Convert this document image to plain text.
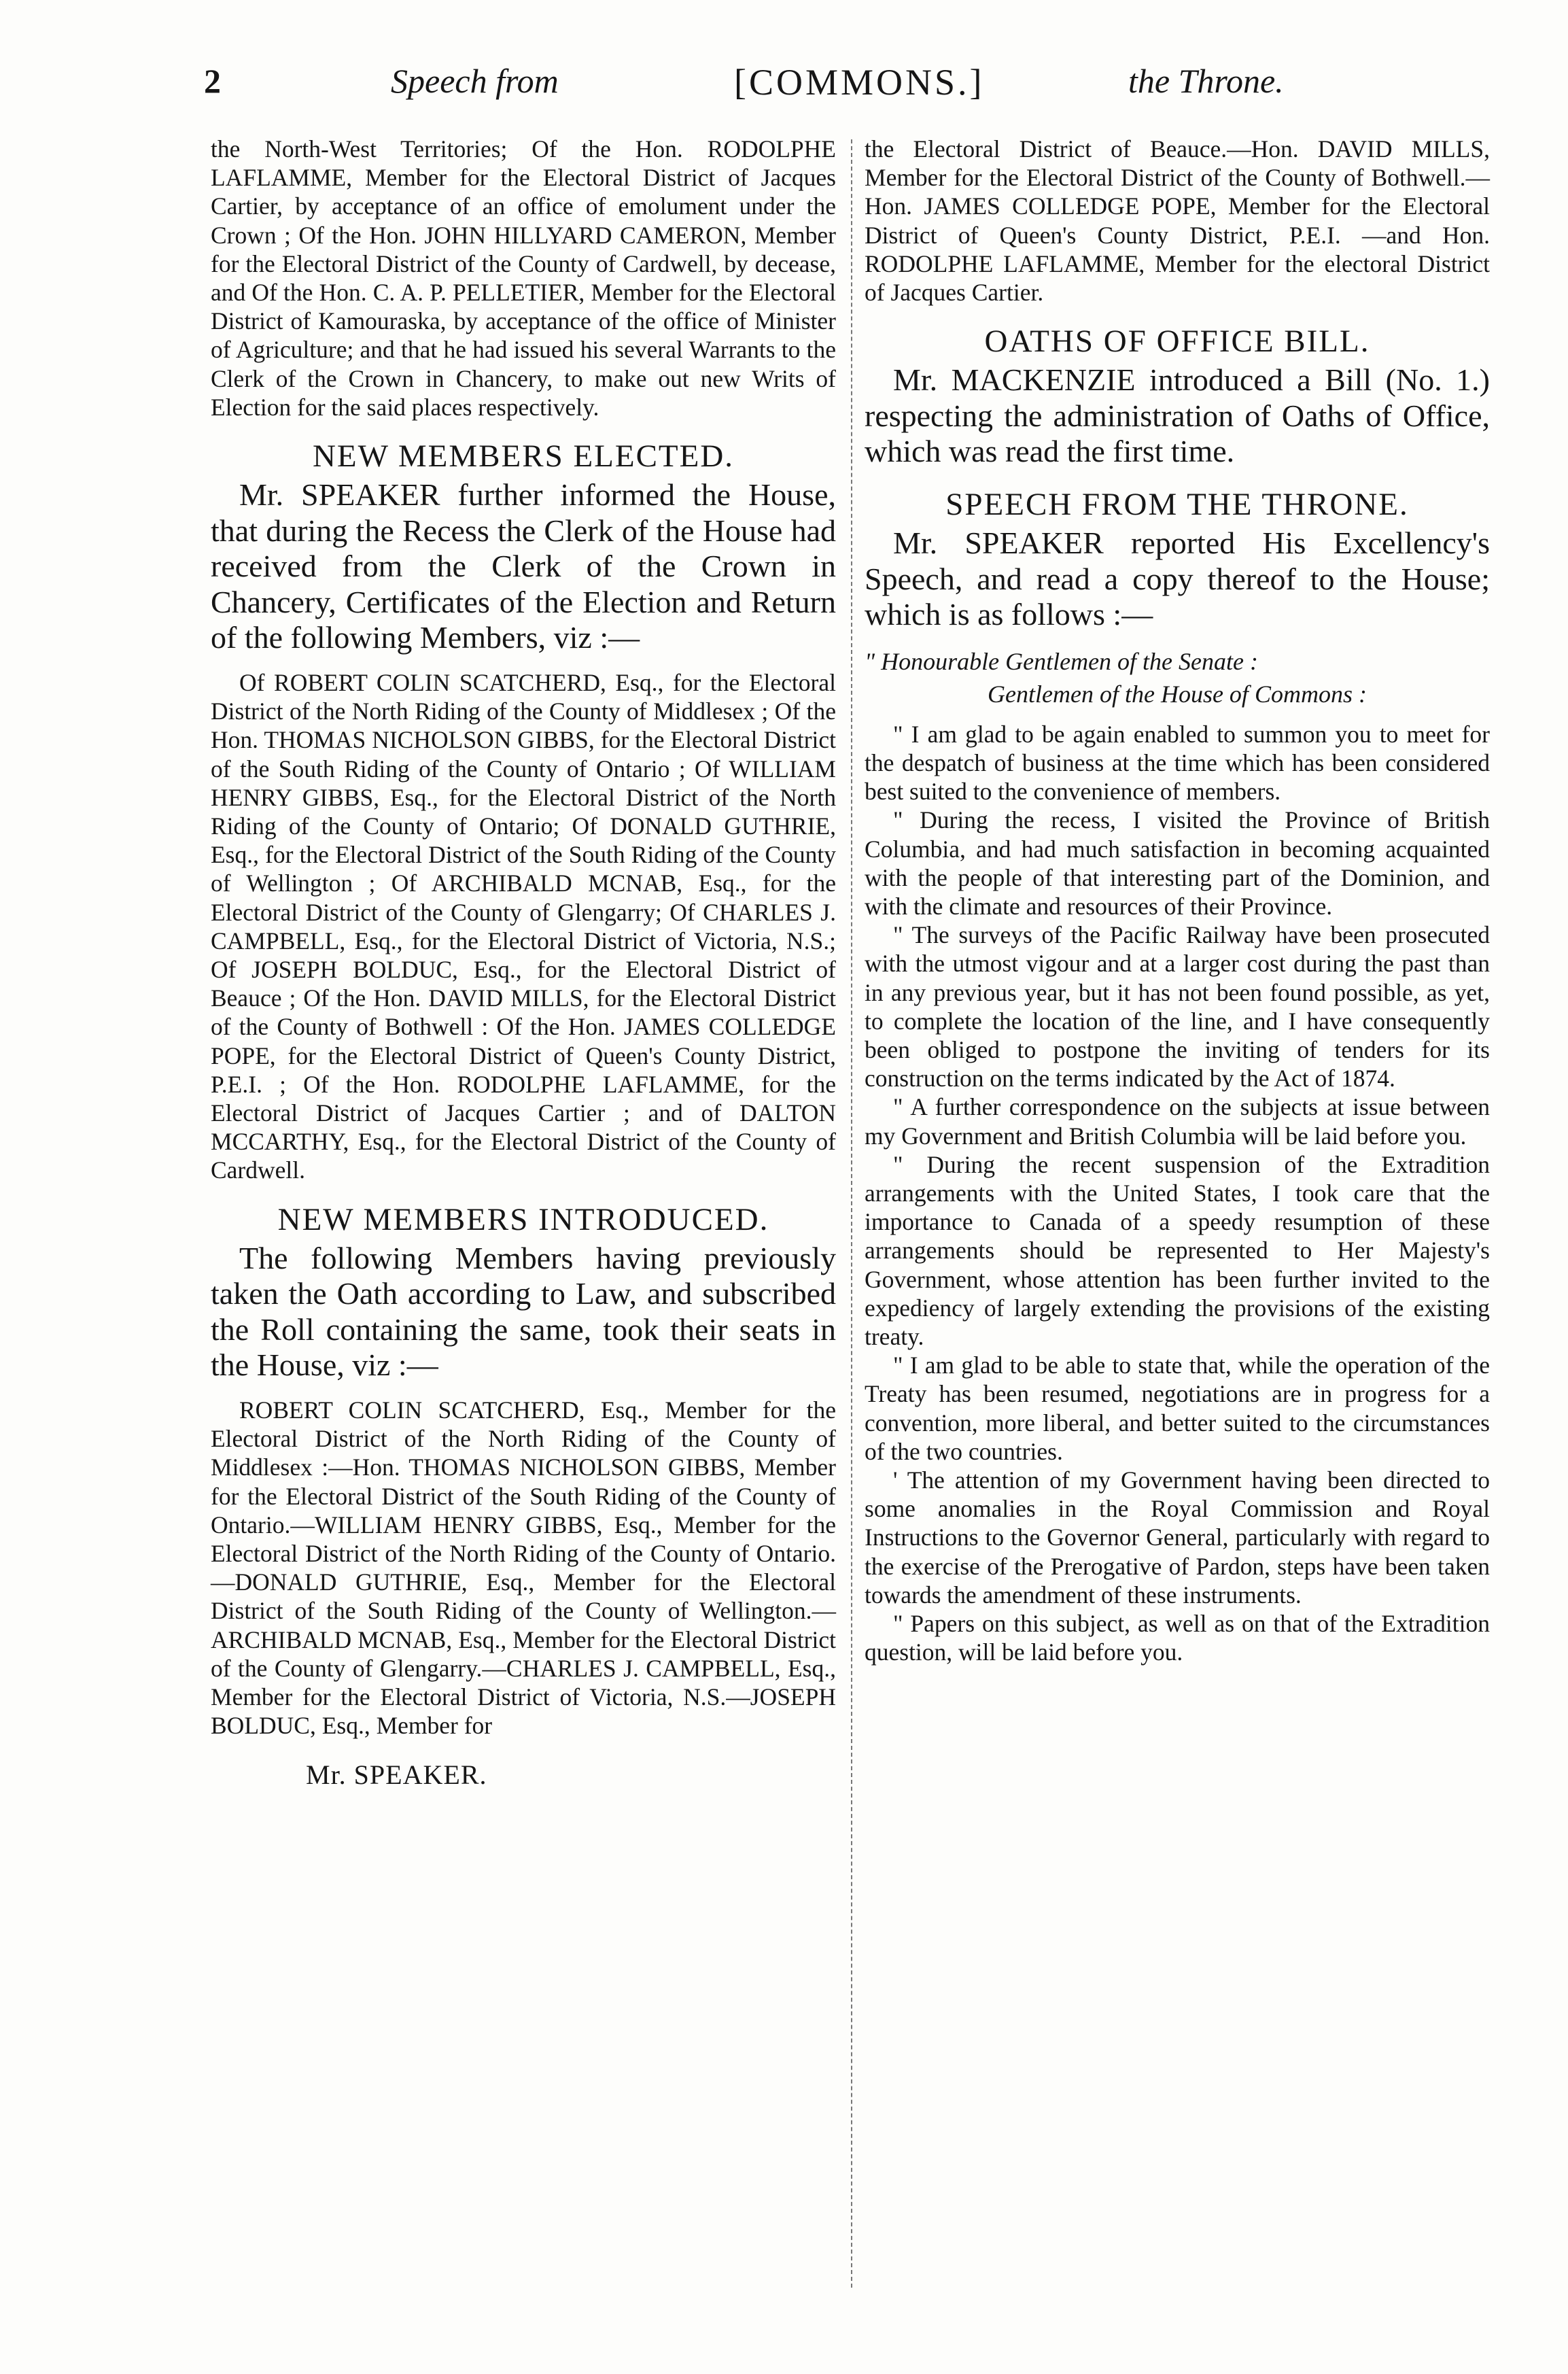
2	Speech from	[COMMONS.]	the Throne.

the North-West Territories; Of the Hon. RODOLPHE LAFLAMME, Member for the Electoral District of Jacques Cartier, by acceptance of an office of emolument under the Crown ; Of the Hon. JOHN HILLYARD CAMERON, Member for the Electoral District of the County of Cardwell, by decease, and Of the Hon. C. A. P. PELLETIER, Member for the Electoral District of Kamouraska, by acceptance of the office of Minister of Agriculture; and that he had issued his several Warrants to the Clerk of the Crown in Chancery, to make out new Writs of Election for the said places respectively.

NEW MEMBERS ELECTED.

Mr. SPEAKER further informed the House, that during the Recess the Clerk of the House had received from the Clerk of the Crown in Chancery, Certificates of the Election and Return of the following Members, viz :—

Of ROBERT COLIN SCATCHERD, Esq., for the Electoral District of the North Riding of the County of Middlesex ; Of the Hon. THOMAS NICHOLSON GIBBS, for the Electoral District of the South Riding of the County of Ontario ; Of WILLIAM HENRY GIBBS, Esq., for the Electoral District of the North Riding of the County of Ontario; Of DONALD GUTHRIE, Esq., for the Electoral District of the South Riding of the County of Wellington ; Of ARCHIBALD MCNAB, Esq., for the Electoral District of the County of Glengarry; Of CHARLES J. CAMPBELL, Esq., for the Electoral District of Victoria, N.S.; Of JOSEPH BOLDUC, Esq., for the Electoral District of Beauce ; Of the Hon. DAVID MILLS, for the Electoral District of the County of Bothwell : Of the Hon. JAMES COLLEDGE POPE, for the Electoral District of Queen's County District, P.E.I. ; Of the Hon. RODOLPHE LAFLAMME, for the Electoral District of Jacques Cartier ; and of DALTON MCCARTHY, Esq., for the Electoral District of the County of Cardwell.

NEW MEMBERS INTRODUCED.

The following Members having previously taken the Oath according to Law, and subscribed the Roll containing the same, took their seats in the House, viz :—

ROBERT COLIN SCATCHERD, Esq., Member for the Electoral District of the North Riding of the County of Middlesex :—Hon. THOMAS NICHOLSON GIBBS, Member for the Electoral District of the South Riding of the County of Ontario.—WILLIAM HENRY GIBBS, Esq., Member for the Electoral District of the North Riding of the County of Ontario.—DONALD GUTHRIE, Esq., Member for the Electoral District of the South Riding of the County of Wellington.—ARCHIBALD MCNAB, Esq., Member for the Electoral District of the County of Glengarry.—CHARLES J. CAMPBELL, Esq., Member for the Electoral District of Victoria, N.S.—JOSEPH BOLDUC, Esq., Member for

Mr. SPEAKER.

the Electoral District of Beauce.—Hon. DAVID MILLS, Member for the Electoral District of the County of Bothwell.—Hon. JAMES COLLEDGE POPE, Member for the Electoral District of Queen's County District, P.E.I. —and Hon. RODOLPHE LAFLAMME, Member for the electoral District of Jacques Cartier.

OATHS OF OFFICE BILL.

Mr. MACKENZIE introduced a Bill (No. 1.) respecting the administration of Oaths of Office, which was read the first time.

SPEECH FROM THE THRONE.

Mr. SPEAKER reported His Excellency's Speech, and read a copy thereof to the House; which is as follows :—

" Honourable Gentlemen of the Senate :

Gentlemen of the House of Commons :

" I am glad to be again enabled to summon you to meet for the despatch of business at the time which has been considered best suited to the convenience of members.

" During the recess, I visited the Province of British Columbia, and had much satisfaction in becoming acquainted with the people of that interesting part of the Dominion, and with the climate and resources of their Province.

" The surveys of the Pacific Railway have been prosecuted with the utmost vigour and at a larger cost during the past than in any previous year, but it has not been found possible, as yet, to complete the location of the line, and I have consequently been obliged to postpone the inviting of tenders for its construction on the terms indicated by the Act of 1874.

" A further correspondence on the subjects at issue between my Government and British Columbia will be laid before you.

" During the recent suspension of the Extradition arrangements with the United States, I took care that the importance to Canada of a speedy resumption of these arrangements should be represented to Her Majesty's Government, whose attention has been further invited to the expediency of largely extending the provisions of the existing treaty.

" I am glad to be able to state that, while the operation of the Treaty has been resumed, negotiations are in progress for a convention, more liberal, and better suited to the circumstances of the two countries.

' The attention of my Government having been directed to some anomalies in the Royal Commission and Royal Instructions to the Governor General, particularly with regard to the exercise of the Prerogative of Pardon, steps have been taken towards the amendment of these instruments.

" Papers on this subject, as well as on that of the Extradition question, will be laid before you.
